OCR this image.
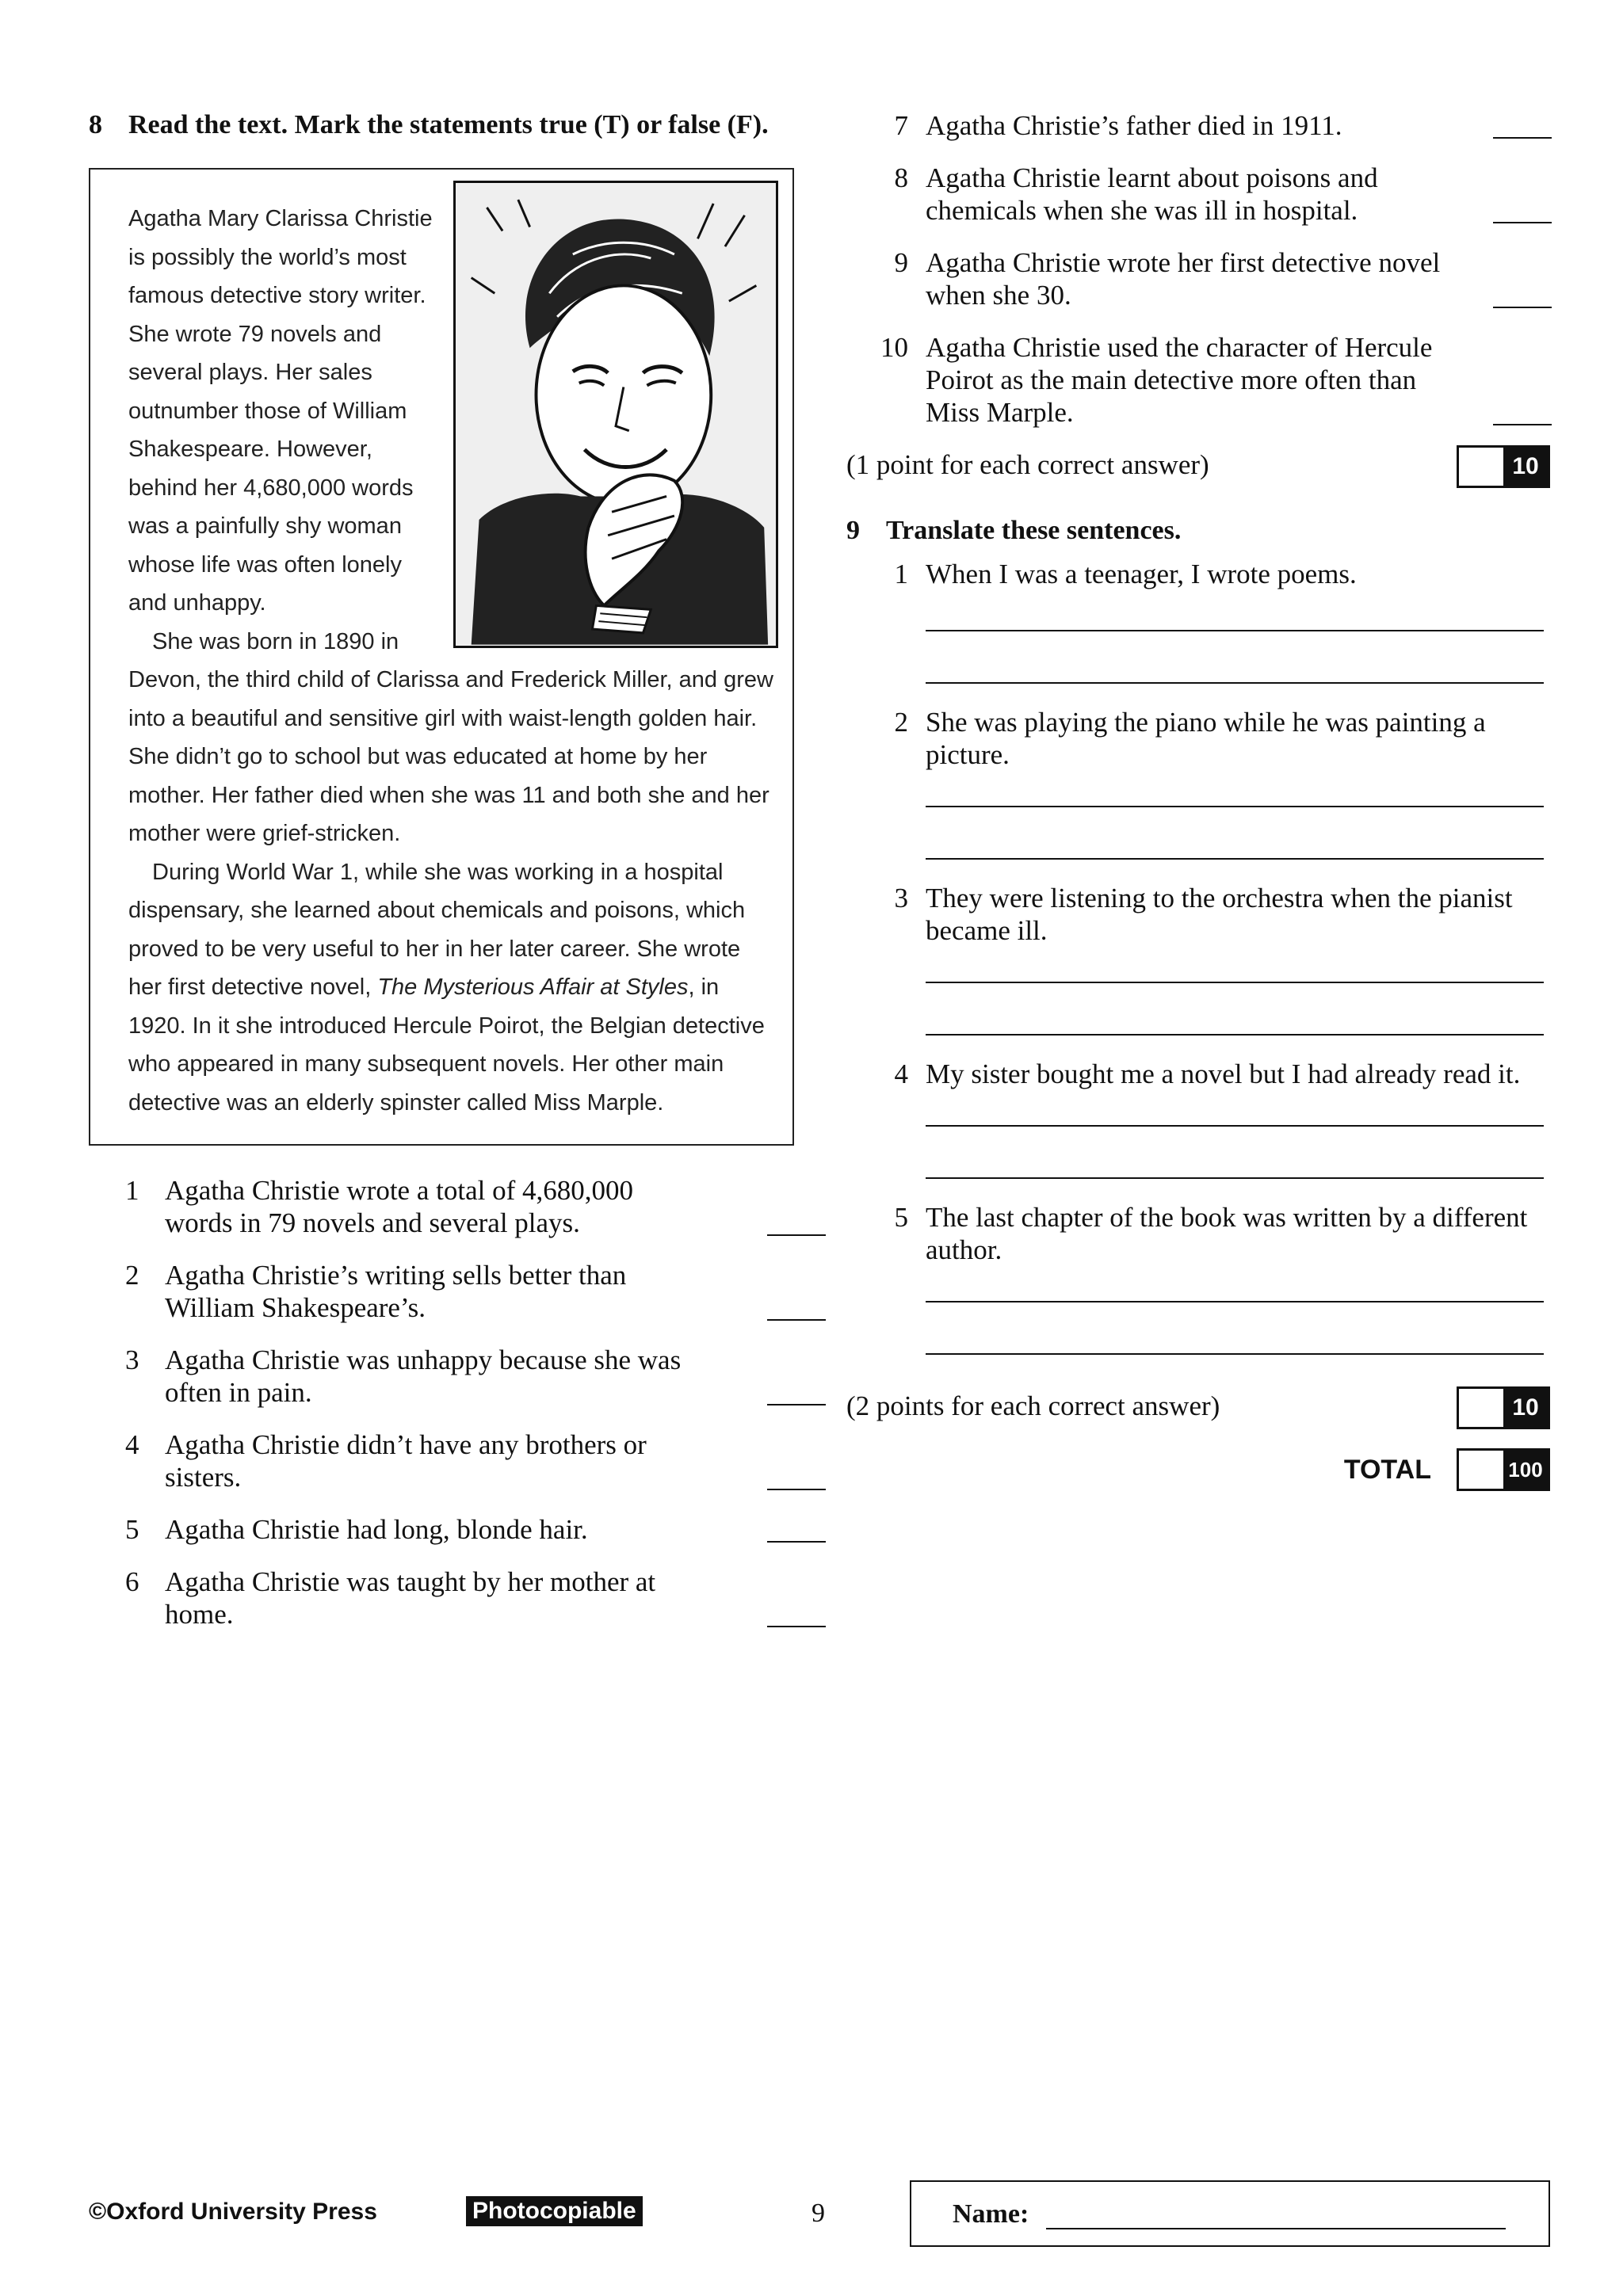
8 Read the text. Mark the statements true (T) or false (F).

Agatha Mary Clarissa Christie is possibly the world’s most famous detective story writer. She wrote 79 novels and several plays. Her sales outnumber those of William Shakespeare. However, behind her 4,680,000 words was a painfully shy woman whose life was often lonely and unhappy.

She was born in 1890 in Devon, the third child of Clarissa and Frederick Miller, and grew into a beautiful and sensitive girl with waist-length golden hair. She didn’t go to school but was educated at home by her mother. Her father died when she was 11 and both she and her mother were grief-stricken.

During World War 1, while she was working in a hospital dispensary, she learned about chemicals and poisons, which proved to be very useful to her in her later career. She wrote her first detective novel, The Mysterious Affair at Styles, in 1920. In it she introduced Hercule Poirot, the Belgian detective who appeared in many subsequent novels. Her other main detective was an elderly spinster called Miss Marple.

1 Agatha Christie wrote a total of 4,680,000 words in 79 novels and several plays.
2 Agatha Christie’s writing sells better than William Shakespeare’s.
3 Agatha Christie was unhappy because she was often in pain.
4 Agatha Christie didn’t have any brothers or sisters.
5 Agatha Christie had long, blonde hair.
6 Agatha Christie was taught by her mother at home.
7 Agatha Christie’s father died in 1911.
8 Agatha Christie learnt about poisons and chemicals when she was ill in hospital.
9 Agatha Christie wrote her first detective novel when she 30.
10 Agatha Christie used the character of Hercule Poirot as the main detective more often than Miss Marple.
(1 point for each correct answer)	10
9 Translate these sentences.
1 When I was a teenager, I wrote poems.
2 She was playing the piano while he was painting a picture.
3 They were listening to the orchestra when the pianist became ill.
4 My sister bought me a novel but I had already read it.
5 The last chapter of the book was written by a different author.
(2 points for each correct answer)	10
TOTAL	100
©Oxford University Press	Photocopiable	9	Name:
